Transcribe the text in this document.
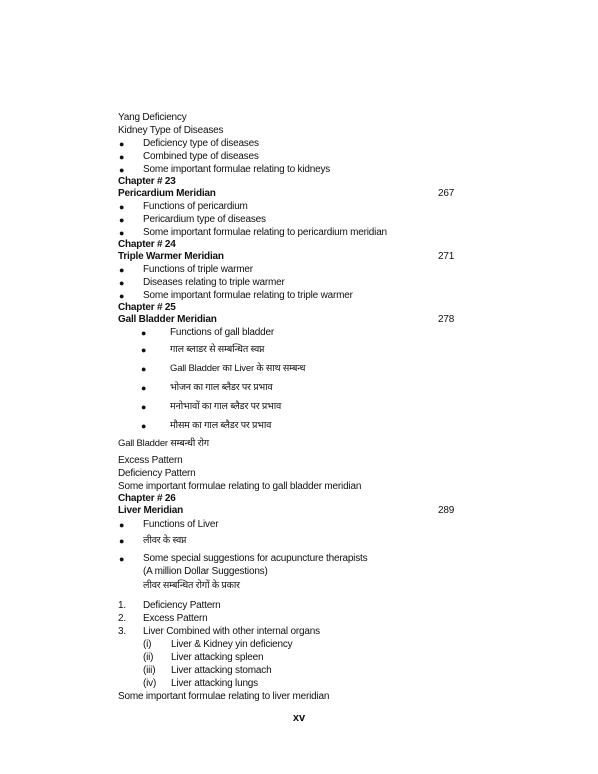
Yang Deficiency
Kidney Type of Diseases
●
Deficiency type of diseases
●
Combined type of diseases
●
Some important formulae relating to kidneys
Chapter # 23
Pericardium Meridian	267
●
Functions of pericardium
●
Pericardium type of diseases
●
Some important formulae relating to pericardium meridian
Chapter # 24
Triple Warmer Meridian	271
●
Functions of triple warmer
●
Diseases relating to triple warmer
●
Some important formulae relating to triple warmer
Chapter # 25
Gall Bladder Meridian	278
●
Functions of gall bladder
●
गाल ब्लाडर से सम्बन्धित स्वप्न
●
Gall Bladder का Liver के साथ सम्बन्ध
●
भोजन का गाल ब्लैडर पर प्रभाव
●
मनोभावों का गाल ब्लैडर पर प्रभाव
●
मौसम का गाल ब्लैडर पर प्रभाव
Gall Bladder सम्बन्धी रोग
Excess Pattern
Deficiency Pattern
Some important formulae relating to gall bladder meridian
Chapter # 26
Liver Meridian	289
●
Functions of Liver
●
लीवर के स्वप्न
●
Some special suggestions for acupuncture therapists
(A million Dollar Suggestions)
लीवर सम्बन्धित रोगों के प्रकार
1. Deficiency Pattern
2. Excess Pattern
3. Liver Combined with other internal organs
(i) Liver & Kidney yin deficiency
(ii) Liver attacking spleen
(iii) Liver attacking stomach
(iv) Liver attacking lungs
Some important formulae relating to liver meridian
xv
